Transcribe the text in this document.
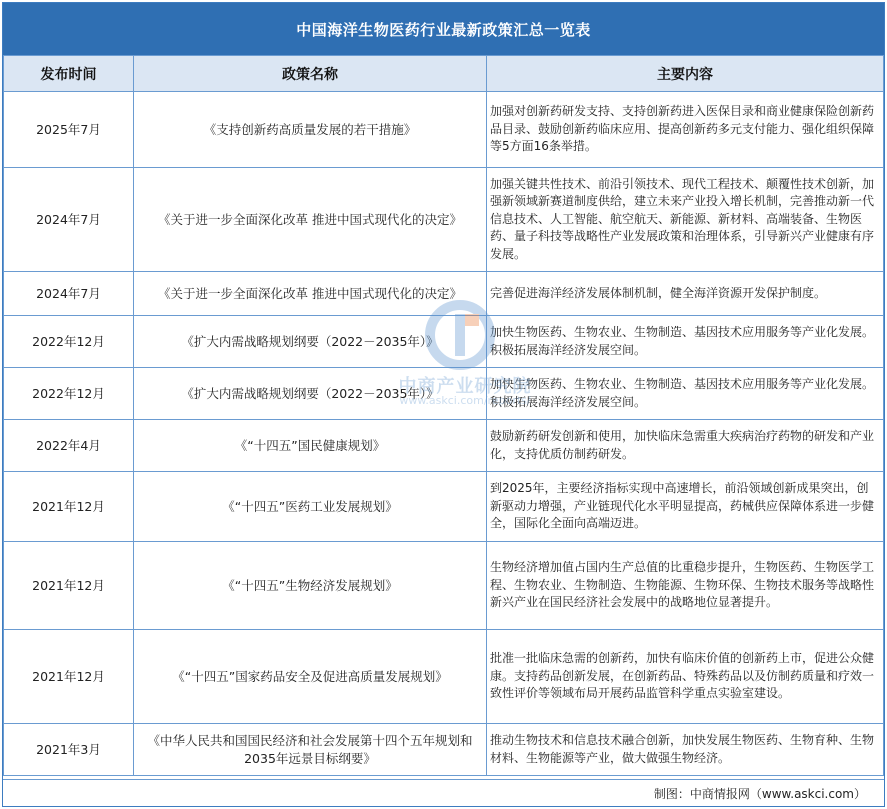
中国海洋生物医药行业最新政策汇总一览表
发布时间	政策名称	主要内容
2025年7月	《支持创新药高质量发展的若干措施》	加强对创新药研发支持、支持创新药进入医保目录和商业健康保险创新药品目录、鼓励创新药临床应用、提高创新药多元支付能力、强化组织保障等5方面16条举措。
2024年7月	《关于进一步全面深化改革 推进中国式现代化的决定》	加强关键共性技术、前沿引领技术、现代工程技术、颠覆性技术创新，加强新领域新赛道制度供给，建立未来产业投入增长机制，完善推动新一代信息技术、人工智能、航空航天、新能源、新材料、高端装备、生物医药、量子科技等战略性产业发展政策和治理体系，引导新兴产业健康有序发展。
2024年7月	《关于进一步全面深化改革 推进中国式现代化的决定》	完善促进海洋经济发展体制机制，健全海洋资源开发保护制度。
2022年12月	《扩大内需战略规划纲要（2022－2035年）》	加快生物医药、生物农业、生物制造、基因技术应用服务等产业化发展。积极拓展海洋经济发展空间。
2022年12月	《扩大内需战略规划纲要（2022－2035年）》	加快生物医药、生物农业、生物制造、基因技术应用服务等产业化发展。积极拓展海洋经济发展空间。
2022年4月	《“十四五”国民健康规划》	鼓励新药研发创新和使用，加快临床急需重大疾病治疗药物的研发和产业化，支持优质仿制药研发。
2021年12月	《“十四五”医药工业发展规划》	到2025年，主要经济指标实现中高速增长，前沿领域创新成果突出，创新驱动力增强，产业链现代化水平明显提高，药械供应保障体系进一步健全，国际化全面向高端迈进。
2021年12月	《“十四五”生物经济发展规划》	生物经济增加值占国内生产总值的比重稳步提升，生物医药、生物医学工程、生物农业、生物制造、生物能源、生物环保、生物技术服务等战略性新兴产业在国民经济社会发展中的战略地位显著提升。
2021年12月	《“十四五”国家药品安全及促进高质量发展规划》	批准一批临床急需的创新药，加快有临床价值的创新药上市，促进公众健康。支持药品创新发展，在创新药品、特殊药品以及仿制药质量和疗效一致性评价等领域布局开展药品监管科学重点实验室建设。
2021年3月	《中华人民共和国国民经济和社会发展第十四个五年规划和2035年远景目标纲要》	推动生物技术和信息技术融合创新，加快发展生物医药、生物育种、生物材料、生物能源等产业，做大做强生物经济。
制图：中商情报网（www.askci.com）
中商产业研究院
www.askci.com/reports/
